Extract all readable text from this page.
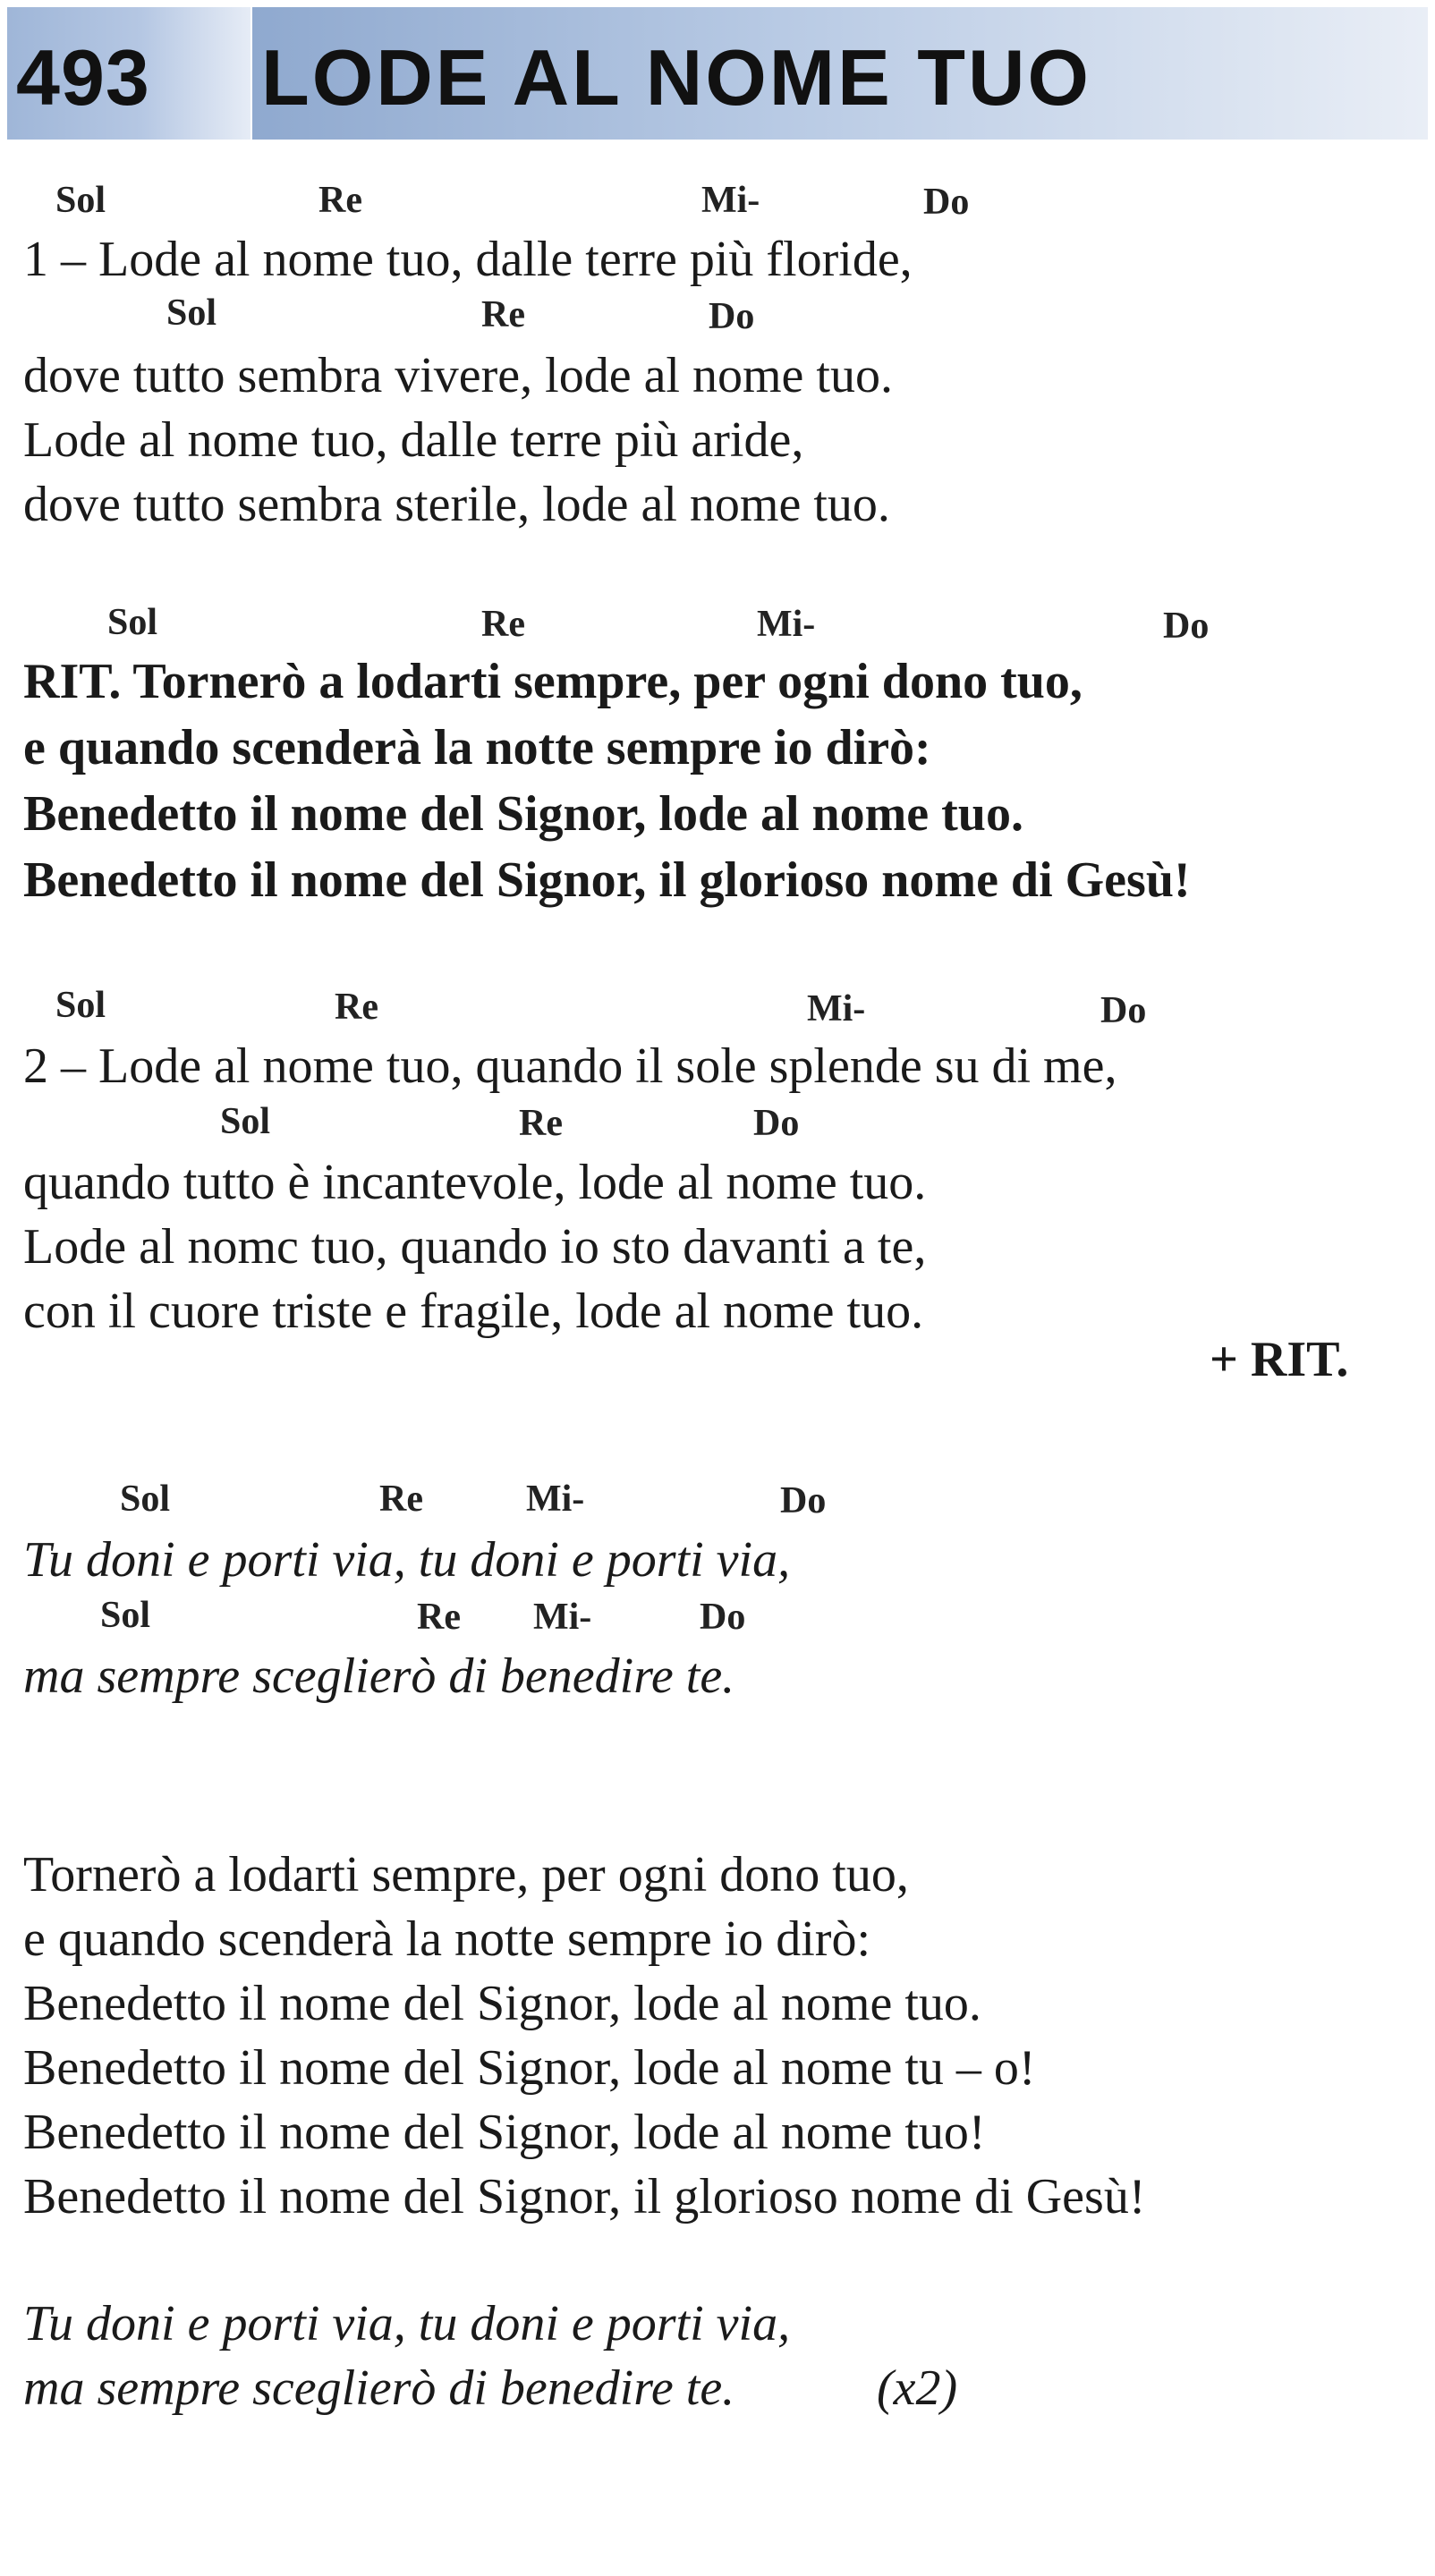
493 LODE AL NOME TUO
Sol	Re	Mi-	Do
1 – Lode al nome tuo, dalle terre più floride,
Sol	Re	Do
dove tutto sembra vivere, lode al nome tuo.
Lode al nome tuo, dalle terre più aride,
dove tutto sembra sterile, lode al nome tuo.
Sol	Re	Mi-	Do
RIT. Tornerò a lodarti sempre, per ogni dono tuo,
e quando scenderà la notte sempre io dirò:
Benedetto il nome del Signor, lode al nome tuo.
Benedetto il nome del Signor, il glorioso nome di Gesù!
Sol	Re	Mi-	Do
2 – Lode al nome tuo, quando il sole splende su di me,
Sol	Re	Do
quando tutto è incantevole, lode al nome tuo.
Lode al nomc tuo, quando io sto davanti a te,
con il cuore triste e fragile, lode al nome tuo.
+ RIT.
Sol	Re	Mi-	Do
Tu doni e porti via, tu doni e porti via,
Sol	Re Mi-	Do
ma sempre sceglierò di benedire te.
Tornerò a lodarti sempre, per ogni dono tuo,
e quando scenderà la notte sempre io dirò:
Benedetto il nome del Signor, lode al nome tuo.
Benedetto il nome del Signor, lode al nome tu – o!
Benedetto il nome del Signor, lode al nome tuo!
Benedetto il nome del Signor, il glorioso nome di Gesù!
Tu doni e porti via, tu doni e porti via,
ma sempre sceglierò di benedire te.	(x2)
